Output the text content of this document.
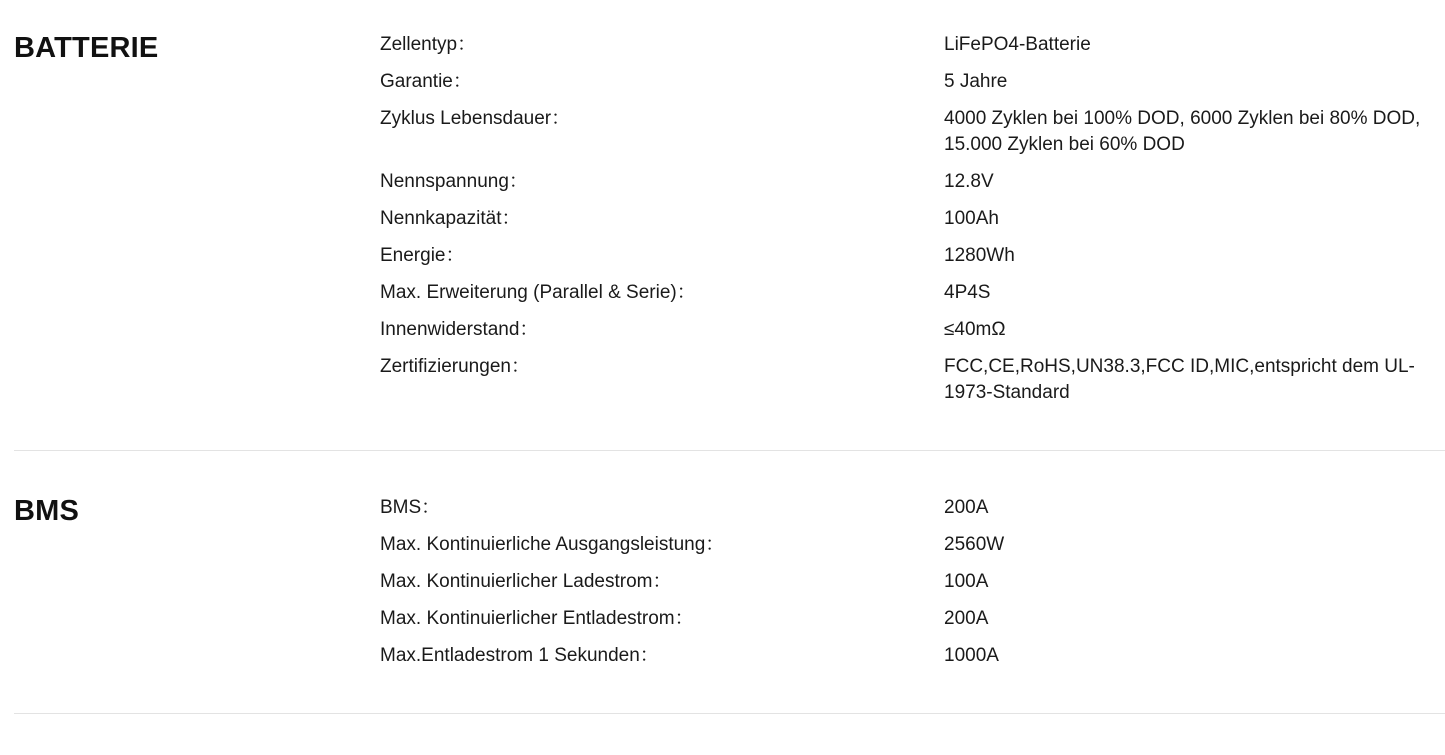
BATTERIE	Zellentyp：	LiFePO4-Batterie
Garantie：	5 Jahre
Zyklus Lebensdauer：	4000 Zyklen bei 100% DOD, 6000 Zyklen bei 80% DOD, 15.000 Zyklen bei 60% DOD
Nennspannung：	12.8V
Nennkapazität：	100Ah
Energie：	1280Wh
Max. Erweiterung (Parallel & Serie)：	4P4S
Innenwiderstand：	≤40mΩ
Zertifizierungen：	FCC,CE,RoHS,UN38.3,FCC ID,MIC,entspricht dem UL-1973-Standard
BMS	BMS：	200A
Max. Kontinuierliche Ausgangsleistung：	2560W
Max. Kontinuierlicher Ladestrom：	100A
Max. Kontinuierlicher Entladestrom：	200A
Max.Entladestrom 1 Sekunden：	1000A
